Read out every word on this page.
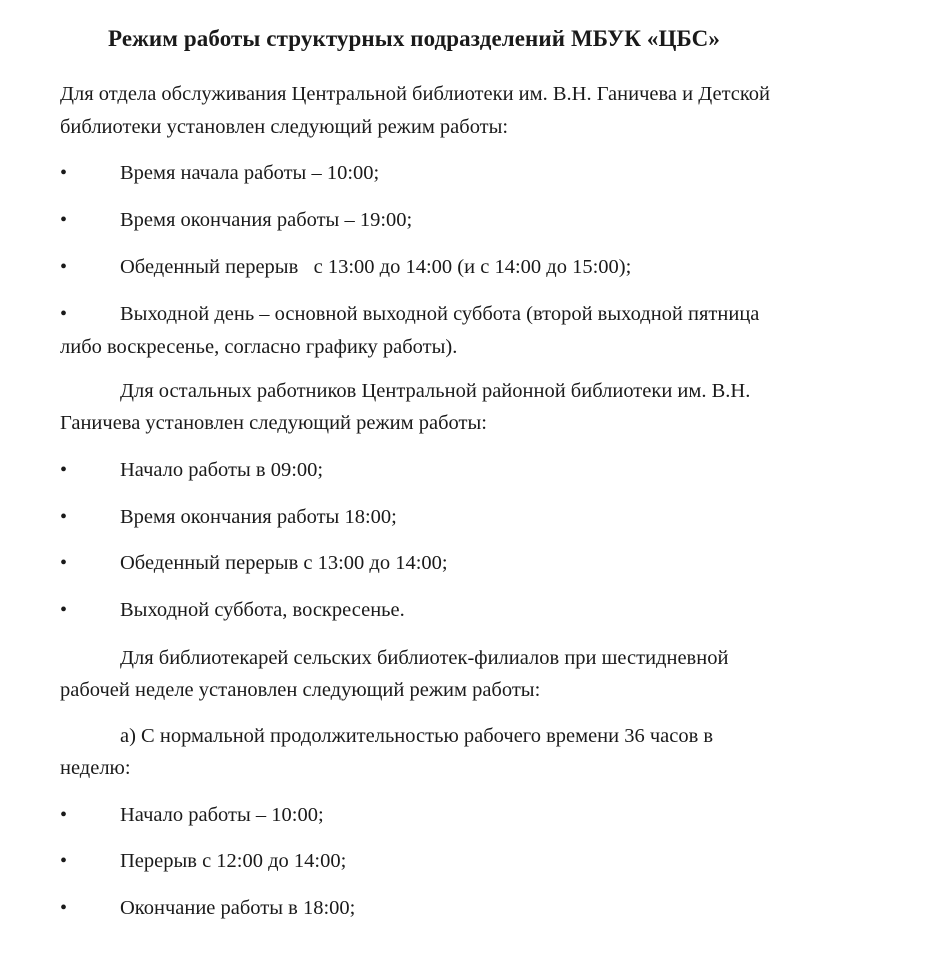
Режим работы структурных подразделений МБУК «ЦБС»
Для отдела обслуживания Центральной библиотеки им. В.Н. Ганичева и Детской
библиотеки установлен следующий режим работы:
•	Время начала работы – 10:00;
•	Время окончания работы – 19:00;
•	Обеденный перерыв   с 13:00 до 14:00 (и с 14:00 до 15:00);
•	Выходной день – основной выходной суббота (второй выходной пятница
либо воскресенье, согласно графику работы).
Для остальных работников Центральной районной библиотеки им. В.Н.
Ганичева установлен следующий режим работы:
•	Начало работы в 09:00;
•	Время окончания работы 18:00;
•	Обеденный перерыв с 13:00 до 14:00;
•	Выходной суббота, воскресенье.
Для библиотекарей сельских библиотек-филиалов при шестидневной
рабочей неделе установлен следующий режим работы:
а) С нормальной продолжительностью рабочего времени 36 часов в
неделю:
•	Начало работы – 10:00;
•	Перерыв с 12:00 до 14:00;
•	Окончание работы в 18:00;
